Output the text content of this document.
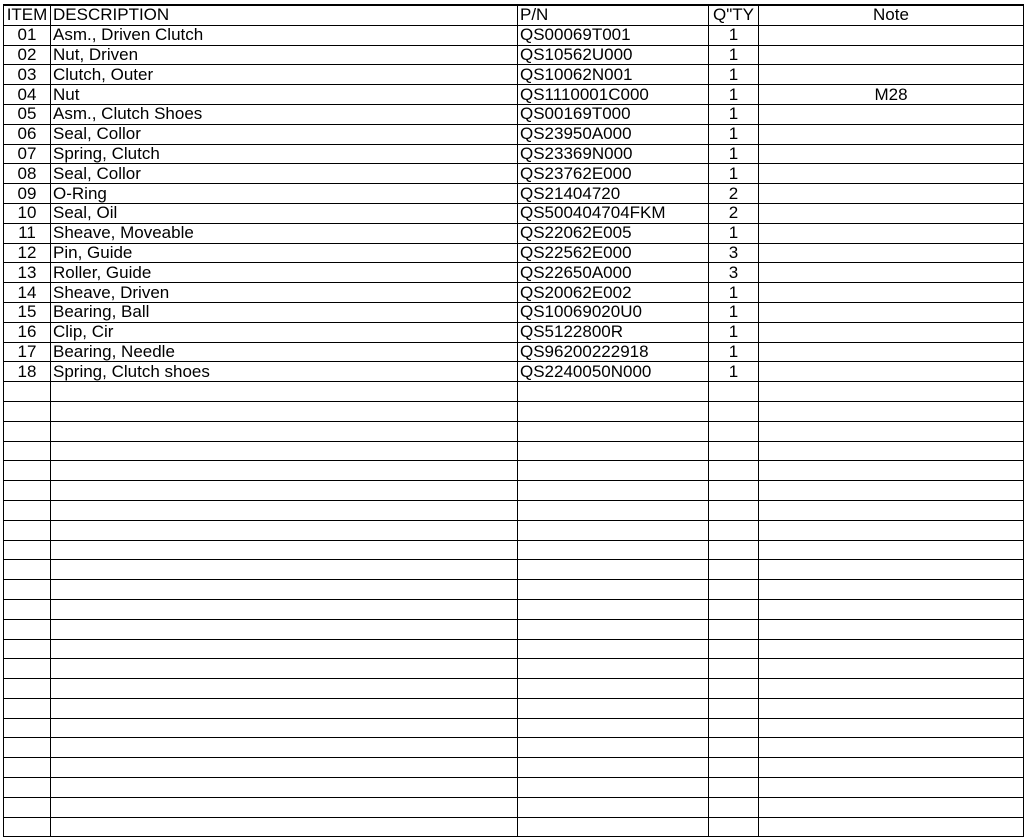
ITEM	DESCRIPTION	P/N	Q"TY	Note
01	Asm., Driven Clutch	QS00069T001	1	
02	Nut, Driven	QS10562U000	1	
03	Clutch, Outer	QS10062N001	1	
04	Nut	QS1110001C000	1	M28
05	Asm., Clutch Shoes	QS00169T000	1	
06	Seal, Collor	QS23950A000	1	
07	Spring, Clutch	QS23369N000	1	
08	Seal, Collor	QS23762E000	1	
09	O-Ring	QS21404720	2	
10	Seal, Oil	QS500404704FKM	2	
11	Sheave, Moveable	QS22062E005	1	
12	Pin, Guide	QS22562E000	3	
13	Roller, Guide	QS22650A000	3	
14	Sheave, Driven	QS20062E002	1	
15	Bearing, Ball	QS10069020U0	1	
16	Clip, Cir	QS5122800R	1	
17	Bearing, Needle	QS96200222918	1	
18	Spring, Clutch shoes	QS2240050N000	1	
